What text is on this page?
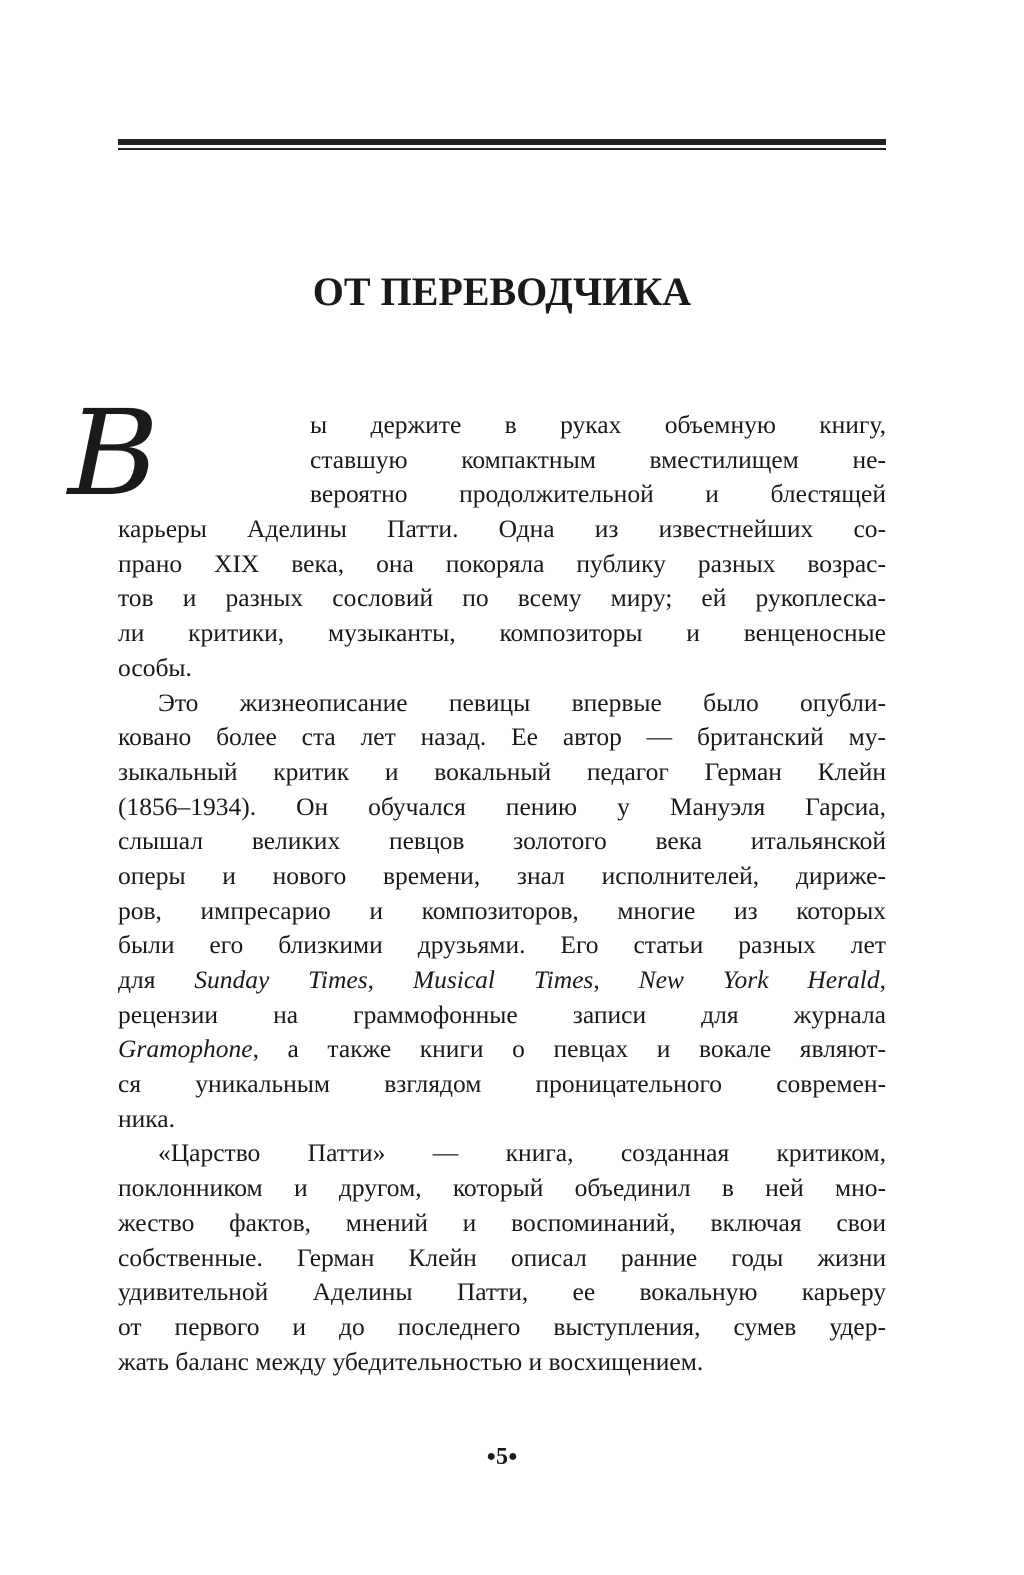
ОТ ПЕРЕВОДЧИКА
В	ы держите в руках объемную книгу,
ставшую компактным вместилищем не-
вероятно продолжительной и блестящей
карьеры Аделины Патти. Одна из известнейших со-
прано XIX века, она покоряла публику разных возрас-
тов и разных сословий по всему миру; ей рукоплеска-
ли критики, музыканты, композиторы и венценосные
особы.
Это жизнеописание певицы впервые было опубли-
ковано более ста лет назад. Ее автор — британский му-
зыкальный критик и вокальный педагог Герман Клейн
(1856–1934). Он обучался пению у Мануэля Гарсиа,
слышал великих певцов золотого века итальянской
оперы и нового времени, знал исполнителей, дириже-
ров, импресарио и композиторов, многие из которых
были его близкими друзьями. Его статьи разных лет
для Sunday Times, Musical Times, New York Herald,
рецензии на граммофонные записи для журнала
Gramophone, а также книги о певцах и вокале являют-
ся уникальным взглядом проницательного современ-
ника.
«Царство Патти» — книга, созданная критиком,
поклонником и другом, который объединил в ней мно-
жество фактов, мнений и воспоминаний, включая свои
собственные. Герман Клейн описал ранние годы жизни
удивительной Аделины Патти, ее вокальную карьеру
от первого и до последнего выступления, сумев удер-
жать баланс между убедительностью и восхищением.
●5●
